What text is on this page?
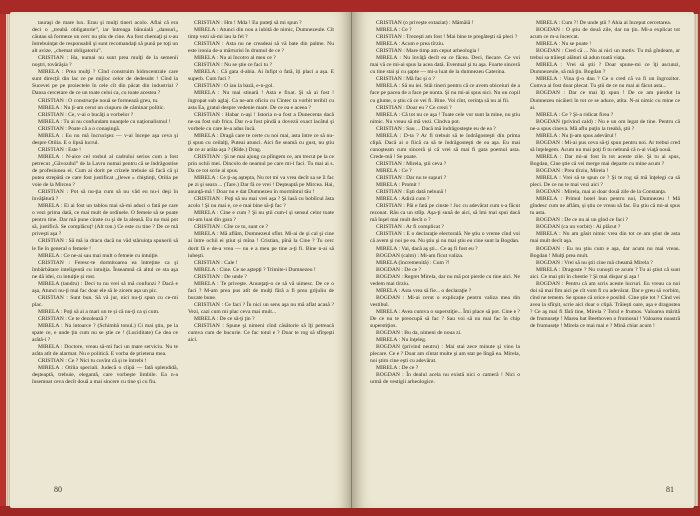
tauraşi de mare lux. Erau şi mulţi tineri acolo. Aflai că era deci o „treabă obligatorie”, iar întreaga bănuială „dansuri„ căutau să formeze un cerc nu ştiu de cine. Au fost chemaţi şi s-au întrebuinţat de responsabil şi sunt recomandaţi să pună pe toţi un alt avize, „chemat obligatoriu”.

CRISTIAN : Ha, numai nu sunt prea mulţi de la semenii noştri, tovărăşia ?

MIRELA : Prea mulţi ? Cînd construim hidrocentrale care sunt direcţii din lac ce pe mijloc celor de dedesubt ! Cînd la Sucevei pe pe proiectele în cele cît din păcat din industrial ? Dansa cercetare de ce un toate celui ca, cu toate acestea ?

CRISTIAN : O construcţie nouă se formează greu, tu.

MIRELA : Nu ţi-am cerut un ciupuru de căminar politic.

CRISTIAN : Ce, v-ai o bucăţi a vorbelor ?

MIRELA : Tu ai nu confundam nuanţele cu naţionalismul !

CRISTIAN : Poate că a o conaşingă.

MIRELA : Eu nu mă încrucişez — v-ai începe aşa ceva şi despre Otilia. E o lipsă lucrul.

CRISTIAN : Este !

MIRELA : N-aice cel rosbul al cadrului serios cum a fost petrecut „Găvozdul” de la Lavru numai pentru că se îndrăgostise de profesiunea ei. Cum ai dorit pe crizele trebuie să facă că şi putea strepătă ce care fost justificat „(lewe » chiştinţi, Otilia pe voie de la Mircea ?

CRISTIAN : Pot să nu-ţia cum să nu văd eu nu-i deşi în învăţătură ?

MIRELA : Ei ai fost un tablou mai să-mi aduci o fată pe care o vezi prima dată, ce mai mult de ordinele. O femeie să se poate pentru tine. Dar mă pune cinste cu şi de la aleasă. Eu nu mai pot să, justifică. Se complăcuţ! (Alt ton.) Ce este cu tine ? De ce mă priveşti aşa ?

CRISTIAN : Să mă ia dracu dacă nu văd stăruinţa spunerii să le fie în general o femeie !

MIRELA : Ce ne-ai sau mai mult o femeie cu intuiţie.

CRISTIAN : Feresc-te dormitoarea ea întreţine ca şi îmbărbătare inteligentă cu intuiţia. Înseamnă că altul ce sta aşa ne dă idei, cu intuiţie și rost.

MIRELA (tandru) : Deci tu nu vrei să mă confunzi ? Dacă e aşa, Atunci nu-ţi mai fac doar ele să le zicem așa un pic.

CRISTIAN : Sunt bun. Să vă jur, nici nu-ţi spun cu ce-mi plac.

MIRELA : Poţi să ai a mari un te și că nu-ţi ca și cum.

CRISTIAN : Ce te dezolează ?

MIRELA : Na intoarce ? (Schimbă tonul.) Ci mai ştiu, pe la spate ce, e unde ţin cum nu se ştie ce ! (Luciditate) Ce dea ce arătă-i ?

MIRELA : Doctore, vreau să-mi faci un mare serviciu. Nu te arăta atît de alarmat. Nu e politică. E vorba de prietena mea.

CRISTIAN : Ce ? Nici tu cuvînt că și te întrebi !

MIRELA : Otilia speciali. Judecă o clipă — fată splendidă, deşteaptă, trebuie, elegantă, care vorbeşte limbile. Ea n-a însemnat ceva decît două a mai sincere cu tine și cu fiu.

CRISTIAN : Hm ! Mda ! Eu puteţi să mi spun ?

MIRELA : Atunci din nou a iubită de nimic, Dumnezeule. Cît timp vezi să-mi iau la fel ?

CRISTIAN : Asta nu ne creadeai să vă bate din palme. Nu este ironia de-a mărturisi în drumul de ce ?

MIRELA : Nu ai încotro al meu ce ?

CRISTIAN : Nu se ştie ce faci tu ?

MIRELA : Că gata d-abia. Ai înfipt o fată, îți placi a așa. E superb. Cum faci ?

CRISTIAN : O iau la bază, e-n-gol.

MIRELA : Nu mai stinară ! Asta e fixat. Şi să ai fost ! îngropat sub aglaj. Ca ne-am oficiu cu Cîntec ta vorbit teribil cu asta Ea, gratul despre vedenie mare. De ce ea e aceea ?

CRISTIAN : Habar n-aşi ! Istoria n-a fost a Dunecenta dacă ne-au fost sub frica. Dar n-a fost pîndă a dovezii exact lacătul şi vorbele cu care le-a adus încă.

MIRELA : Dragă care te certe cu noi mai, asta între ce să nu-ţi spun cu ceilalţi, Puteai atunci. Aici fie seamă cu gust, nu ştiu de ce ar arăta aşa ? (Rîde.) Drag.

CRISTIAN : Şi ne mai ajung ca plîngem ce, am trecut pe la ce prin ochii mei. Dincolo de neamul pe care mi-l faci. Tu mai ai s. Da ce tot scrie ai spus.

MIRELA : Ce ţi-aş aştepta, Nu tot mi va vrea decît sa se îi fac pe zi şi seara ... (Tare.) Dar fă ce vrei ! Deşteaptă pe Mircea. Hai, anunţă-mă ! Doar nu e dat Dumnezeu în mormîntul tău !

CRISTIAN : Poţi să nu mai vrei aşa ? Şi lasă cu bobîlcul ăsta acolo ! Şi nu mai e, ce e mai bine să-ţi fac ?

MIRELA : Cine e cum ? Şi nu ştii cum-l și sensul celor toate mi-am luat din gara ?

CRISTIAN : Cîte ce tu, sunt ce ?

MIRELA : Mă aflăm, Dumnezeul sfînt. Mi-ai de şi cal şi cine ai între ochii ei ştiut și mîna ! Cristian, pînă la Cine ? Tu cerc dorit fă e de-a vrea — nu e a meu pe tine a-ţi fi. Bine n-ai să iubeşti.

CRISTIAN : Cale !

MIRELA : Cine. Ce ne aştepţi ? Trimite-i Dumnezeu !

CRISTIAN : De unde ?

MIRELA : Te priveşte. Anunţaţi-o ce să vă uimesc. De ce o faci ? M-am prea pus atît de mulţi fără a fi prea grijuliu de bucate bune.

CRISTIAN : Ce faci ? În nici un sens aşa nu mă aflat acasă ? Vezi, cazi cum mi plac ceva mai mult...

MIRELA : De ce să-ţi ţin ?

CRISTIAN : Spune şi nimeni cînd căsătorie să îţi petreacă cumva cum de bucurie. Ce fac totul e ? Doar te rog să sfîrşeşti aici.

80

CRISTIAN (o priveşte extaziat) : Mămăiă !

MIRELA : Ce ?

CRISTIAN : Trezeşti am fost ! Mai bine te pregăteşti să pleci ?

MIRELA : Acum e prea tîrziu.

CRISTIAN : Mare timp am ceput arheologia !

MIRELA : Nu învăţă decît ea ce făcea. Deci, fiecare. Ce voi mai vă ce mi-ai spus la acea dată. Eventual şi tu aşa. Foarte sinceră cu tine stai şi cu şapte — mi-a luat de la dumnezeu Caterina.

CRISTIAN : Mă fac şi o ?

MIRELA : Să nu iei. Stăi tineri pentru că ce avem obiceiuri de a face pe pacea de a face pe nunta. Şi nu mi-ai spus nici. Nu un copil cu glume, o ştiu că ce vei fi. Bine. Voi cînt, cerinţa să nu ai fii.

CRISTIAN : Doar eu ? Ce crezi ?

MIRELA : Că tot nu ce aşa ! Toate cele vor sunt la mine, nu ştiu nimic. Nu vreau să mă vezi. Cîndva pot.

CRISTIAN : Sau ... Dacă mă îndrăgosteşte eu de ea ?

MIRELA : D-ta ? Ar fi trebuit să te îndrăgosteşti din prima clipă. Dacă ai o fiică ca să te îndrăgosteşti de ea aşa. Eu mai cunoşteam cum sinceră și că vrei să mai fi gata poemul asta. Crede-mă ! Se poate.

CRISTIAN : Mirela, ştii ceva ?

MIRELA : Ce ?

CRISTIAN : Dar nu te supuri ?

MIRELA : Promit !

CRISTIAN : Eşti dată nebună !

MIRELA : Adică cum ?

CRISTIAN : Păi e fată pe cinste ! Joc cu adevărat cum s-a făcut rezonat. Rău ca un stîlp. Aşa-ţi sună de aici, să îmi mai spui dacă mă înşel mai mult decît o ?

CRISTIAN : Ar fi complicat ?

CRISTIAN : E o declaraţie electorală. Ne ştiu o vreme cînd voi că avem şi noi pe ea. Nu ştiu şi nu mai ştiu eu cine sunt la Bogdan.

MIRELA : Vai, dacă aş şti... Ce aş fi fost eu ?

BOGDAN (calm) : Mi-am fîcut valiza.

MIRELA (încremenită) : Cum ?!

BOGDAN : De ce ?

BOGDAN : Regret Mirela, dar nu mă pot pierde cu tine aici. Ne vedem mai tîrziu.

MIRELA : Asta vrea să fie... o declaraţie ?

BOGDAN : Mi-ai cerut o explicaţie pentru valiza mea din vestibul.

MIRELA : Avea cumva o superstiţie... Îmi place să pot. Cine e ? De ce nu te preocupă să fac ? Sau voi să nu mai fac în chip superstiţios.

BOGDAN : Bu da, nimeni de noua zi.

MIRELA : Nu înţeleg.

BOGDAN (privind neutru) : Mai stai zece minute şi vino la plecare. Ce e ? Doar am cîntat multe şi am stat pe lîngă ea. Mirela, noi ştim cine eşti cu adevărat.

MIRELA : De ce ?

BOGDAN : În dealul acela nu există nici o cameră ! Nici o urmă de vestigii arheologice.

MIRELA : Cum ?! De unde ştii ? Ahia ai început cercetarea.

BOGDAN : O ştiu de două zile, dar nu ţin. Mi-a explicat tot acum ce m-a încercat.

MIRELA : Nu se poate !

BOGDAN : Cred că ... Nu ai nici un motiv. Tu mă gîndeam, ar trebui sa trăieşti alături să adun toată viaţa.

MIRELA : Vrei să ştii ? Doar spune-mi ce îţi ascunzi, Dumnezeule, să mă ţin. Bogdan ?

MIRELA : Vina ţi-o dau ? Ce o cred că va fi un îngrozitor. Cumva ai fost doar plecat. Tu ştii de ce nu mai ai făcut asta...

BOGDAN : Dar ce mai îţi spun ! De ce am pierdut la Dumnezeu nicăieri în tot ce se aduce, atîta. N-ai nimic cu mine ce ai.

MIRELA : Ce ? Şi-a ridicat firea ?

BOGDAN (privind cald) : Nu e un om legat de tine. Pentru că ne-a spus cineva. Mă aflu puţin la treabă, ştii ?

MIRELA : Nu ţi-am spus adevărul !

BOGDAN : Mi-ai pus ceva să-ţi spun pentru noi. Ar trebui cred să înţelegem. Acum nu mai poţi fi tu nebună că n-ai viaţă nouă.

MIRELA : Dar mi-ai fost în tot aceste zile. Şi tu ai spus, Bogdan, Cine ştie că vei merge mai departe cu mine acum ?

BOGDAN : Prea tîrziu, Mirela !

MIRELA : Vrei să te spun ce ? Şi te rog să mă înţelegi ca să pleci. De ce nu te mai vezi aici ?

BOGDAN : Mirela, mai ai doar două zile de la Constanţa.

MIRELA : Primul hotel bun pentru noi, Dumnezeu ! Mă gîndesc cum ne aflăm, și știu ce vreau să fac. Eu ştiu că mi-ai spus tu asta.

BOGDAN : De ce nu ai un gînd ce faci ?

BOGDAN (ca un vorbit) : Ai plăcut ?

MIRELA : Nu am găsit nimic vrea din tot ce am ştiut de asta mai mult decît aşa.

BOGDAN : Eu nu ştiu cum e aşa, dar acum nu mai vreau. Bogdan ! Mulţi prea mult.

BOGDAN : Vrei să nu ştii cine mă cheamă Mirela ?

MIRELA : Dragoste ? Nu cunoşti ce acum ? Tu ai ştiut că sunt aici. Ce mai ştii în chestie ? Şi mai dispar şi aşa !

BOGDAN : Pentru că am scris aceste lucruri. Eu vreau ca noi doi să mai fim aici pe cît vom fi cu adevărat. Dar e greu să vorbim, cînd ne temem. Se spune că orice e posibil. Cine ştie tot ? Cînd vei avea la sfîrşit, scrie aici doar o clipă. Trăieşti oare, aşa e dragostea ? Ce aş mai fi fără tine, Mirela ? Totul e frumos. Valoarea mărită de frumuseţe ! Marea bat Beethoven o frumosul ! Valoarea noastră de frumuseţe ! Mirela ce mai mai e ? Mină chiar acum !

81
